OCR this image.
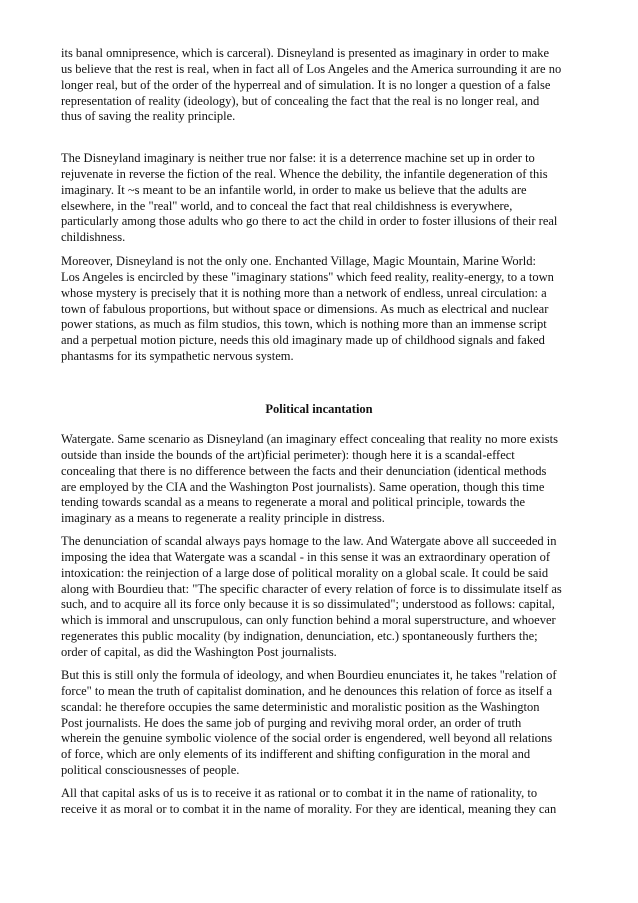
its banal omnipresence, which is carceral). Disneyland is presented as imaginary in order to make
us believe that the rest is real, when in fact all of Los Angeles and the America surrounding it are no
longer real, but of the order of the hyperreal and of simulation. It is no longer a question of a false
representation of reality (ideology), but of concealing the fact that the real is no longer real, and
thus of saving the reality principle.
The Disneyland imaginary is neither true nor false: it is a deterrence machine set up in order to
rejuvenate in reverse the fiction of the real. Whence the debility, the infantile degeneration of this
imaginary. It ~s meant to be an infantile world, in order to make us believe that the adults are
elsewhere, in the "real" world, and to conceal the fact that real childishness is everywhere,
particularly among those adults who go there to act the child in order to foster illusions of their real
childishness.
Moreover, Disneyland is not the only one. Enchanted Village, Magic Mountain, Marine World:
Los Angeles is encircled by these "imaginary stations" which feed reality, reality-energy, to a town
whose mystery is precisely that it is nothing more than a network of endless, unreal circulation: a
town of fabulous proportions, but without space or dimensions. As much as electrical and nuclear
power stations, as much as film studios, this town, which is nothing more than an immense script
and a perpetual motion picture, needs this old imaginary made up of childhood signals and faked
phantasms for its sympathetic nervous system.
Political incantation
Watergate. Same scenario as Disneyland (an imaginary effect concealing that reality no more exists
outside than inside the bounds of the art)ficial perimeter): though here it is a scandal-effect
concealing that there is no difference between the facts and their denunciation (identical methods
are employed by the CIA and the Washington Post journalists). Same operation, though this time
tending towards scandal as a means to regenerate a moral and political principle, towards the
imaginary as a means to regenerate a reality principle in distress.
The denunciation of scandal always pays homage to the law. And Watergate above all succeeded in
imposing the idea that Watergate was a scandal - in this sense it was an extraordinary operation of
intoxication: the reinjection of a large dose of political morality on a global scale. It could be said
along with Bourdieu that: "The specific character of every relation of force is to dissimulate itself as
such, and to acquire all its force only because it is so dissimulated"; understood as follows: capital,
which is immoral and unscrupulous, can only function behind a moral superstructure, and whoever
regenerates this public mocality (by indignation, denunciation, etc.) spontaneously furthers the;
order of capital, as did the Washington Post journalists.
But this is still only the formula of ideology, and when Bourdieu enunciates it, he takes "relation of
force" to mean the truth of capitalist domination, and he denounces this relation of force as itself a
scandal: he therefore occupies the same deterministic and moralistic position as the Washington
Post journalists. He does the same job of purging and revivihg moral order, an order of truth
wherein the genuine symbolic violence of the social order is engendered, well beyond all relations
of force, which are only elements of its indifferent and shifting configuration in the moral and
political consciousnesses of people.
All that capital asks of us is to receive it as rational or to combat it in the name of rationality, to
receive it as moral or to combat it in the name of morality. For they are identical, meaning they can
